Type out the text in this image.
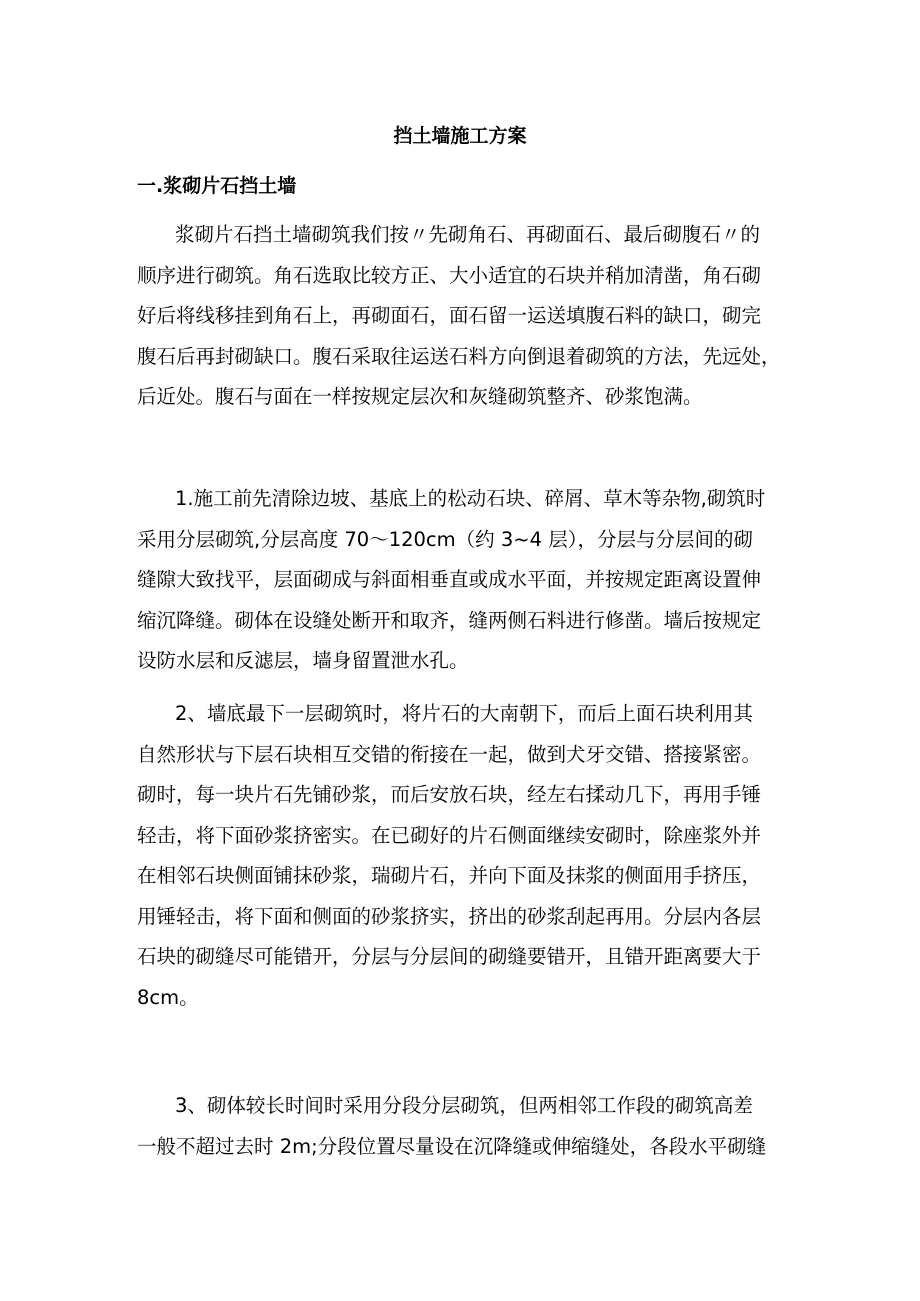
挡土墙施工方案
一.浆砌片石挡土墙
浆砌片石挡土墙砌筑我们按〃先砌角石、再砌面石、最后砌腹石〃的
顺序进行砌筑。角石选取比较方正、大小适宜的石块并稍加清凿，角石砌
好后将线移挂到角石上，再砌面石，面石留一运送填腹石料的缺口，砌完
腹石后再封砌缺口。腹石采取往运送石料方向倒退着砌筑的方法，先远处，
后近处。腹石与面在一样按规定层次和灰缝砌筑整齐、砂浆饱满。
1.施工前先清除边坡、基底上的松动石块、碎屑、草木等杂物,砌筑时
采用分层砌筑,分层高度 70～120cm（约 3~4 层），分层与分层间的砌
缝隙大致找平，层面砌成与斜面相垂直或成水平面，并按规定距离设置伸
缩沉降缝。砌体在设缝处断开和取齐，缝两侧石料进行修凿。墙后按规定
设防水层和反滤层，墙身留置泄水孔。
2、墙底最下一层砌筑时，将片石的大南朝下，而后上面石块利用其
自然形状与下层石块相互交错的衔接在一起，做到犬牙交错、搭接紧密。
砌时，每一块片石先铺砂浆，而后安放石块，经左右揉动几下，再用手锤
轻击，将下面砂浆挤密实。在已砌好的片石侧面继续安砌时，除座浆外并
在相邻石块侧面铺抹砂浆，瑞砌片石，并向下面及抹浆的侧面用手挤压，
用锤轻击，将下面和侧面的砂浆挤实，挤出的砂浆刮起再用。分层内各层
石块的砌缝尽可能错开，分层与分层间的砌缝要错开，且错开距离要大于
8cm。
3、砌体较长时间时采用分段分层砌筑，但两相邻工作段的砌筑高差
一般不超过去时 2m;分段位置尽量设在沉降缝或伸缩缝处，各段水平砌缝
